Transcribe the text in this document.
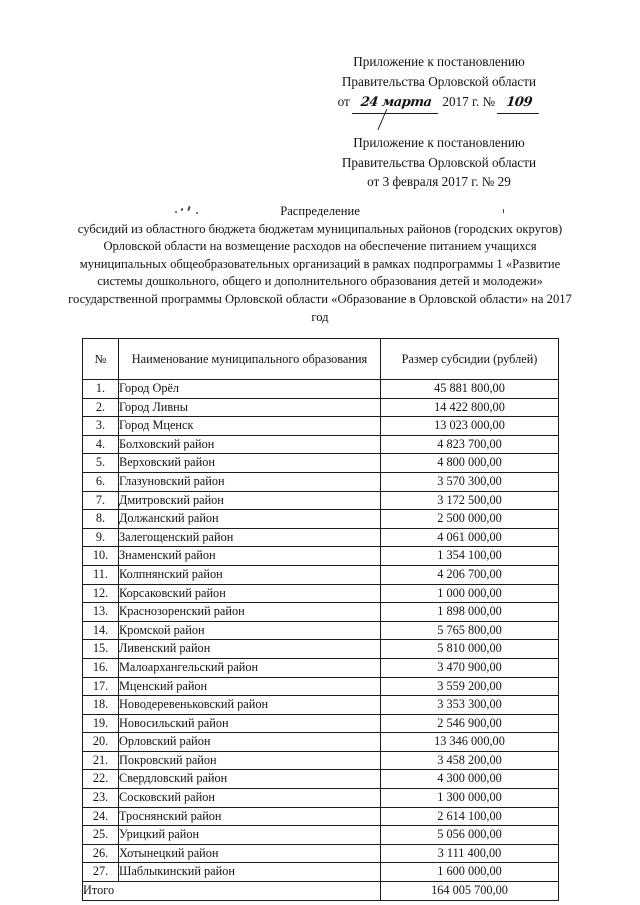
Приложение к постановлению
Правительства Орловской области
от 24 марта 2017 г. № 109
Приложение к постановлению
Правительства Орловской области
от 3 февраля 2017 г. № 29
Распределение
субсидий из областного бюджета бюджетам муниципальных районов (городских округов) Орловской области на возмещение расходов на обеспечение питанием учащихся муниципальных общеобразовательных организаций в рамках подпрограммы 1 «Развитие системы дошкольного, общего и дополнительного образования детей и молодежи» государственной программы Орловской области «Образование в Орловской области» на 2017 год
№	Наименование муниципального образования	Размер субсидии (рублей)
1.	Город Орёл	45 881 800,00
2.	Город Ливны	14 422 800,00
3.	Город Мценск	13 023 000,00
4.	Болховский район	4 823 700,00
5.	Верховский район	4 800 000,00
6.	Глазуновский район	3 570 300,00
7.	Дмитровский район	3 172 500,00
8.	Должанский район	2 500 000,00
9.	Залегощенский район	4 061 000,00
10.	Знаменский район	1 354 100,00
11.	Колпнянский район	4 206 700,00
12.	Корсаковский район	1 000 000,00
13.	Краснозоренский район	1 898 000,00
14.	Кромской район	5 765 800,00
15.	Ливенский район	5 810 000,00
16.	Малоархангельский район	3 470 900,00
17.	Мценский район	3 559 200,00
18.	Новодеревеньковский район	3 353 300,00
19.	Новосильский район	2 546 900,00
20.	Орловский район	13 346 000,00
21.	Покровский район	3 458 200,00
22.	Свердловский район	4 300 000,00
23.	Сосковский район	1 300 000,00
24.	Троснянский район	2 614 100,00
25.	Урицкий район	5 056 000,00
26.	Хотынецкий район	3 111 400,00
27.	Шаблыкинский район	1 600 000,00
Итого		164 005 700,00
